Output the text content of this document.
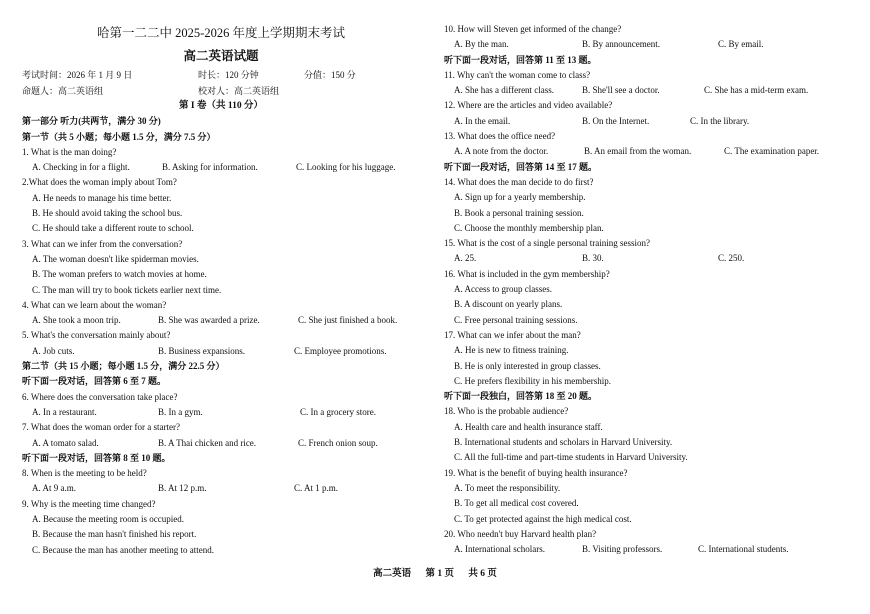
哈第一二二中 2025-2026 年度上学期期末考试
高二英语试题
考试时间：2026 年 1 月 9 日	时长：120 分钟	分值：150 分
命题人：高二英语组	校对人：高二英语组
第 I 卷（共 110 分）
第一部分 听力(共两节，满分 30 分)
第一节（共 5 小题；每小题 1.5 分，满分 7.5 分）
1. What is the man doing?
A. Checking in for a flight.	B. Asking for information.	C. Looking for his luggage.
2.What does the woman imply about Tom?
A. He needs to manage his time better.
B. He should avoid taking the school bus.
C. He should take a different route to school.
3. What can we infer from the conversation?
A. The woman doesn't like spiderman movies.
B. The woman prefers to watch movies at home.
C. The man will try to book tickets earlier next time.
4. What can we learn about the woman?
A. She took a moon trip.	B. She was awarded a prize.	C. She just finished a book.
5. What's the conversation mainly about?
A. Job cuts.	B. Business expansions.	C. Employee promotions.
第二节（共 15 小题；每小题 1.5 分，满分 22.5 分）
听下面一段对话，回答第 6 至 7 题。
6. Where does the conversation take place?
A. In a restaurant.	B. In a gym.	C. In a grocery store.
7. What does the woman order for a starter?
A. A tomato salad.	B. A Thai chicken and rice.	C. French onion soup.
听下面一段对话，回答第 8 至 10 题。
8. When is the meeting to be held?
A. At 9 a.m.	B. At 12 p.m.	C. At 1 p.m.
9. Why is the meeting time changed?
A. Because the meeting room is occupied.
B. Because the man hasn't finished his report.
C. Because the man has another meeting to attend.
10. How will Steven get informed of the change?
A. By the man.	B. By announcement.	C. By email.
听下面一段对话，回答第 11 至 13 题。
11. Why can't the woman come to class?
A. She has a different class.	B. She'll see a doctor.	C. She has a mid-term exam.
12. Where are the articles and video available?
A. In the email.	B. On the Internet.	C. In the library.
13. What does the office need?
A. A note from the doctor.	B. An email from the woman.	C. The examination paper.
听下面一段对话，回答第 14 至 17 题。
14. What does the man decide to do first?
A. Sign up for a yearly membership.
B. Book a personal training session.
C. Choose the monthly membership plan.
15. What is the cost of a single personal training session?
A. 25.	B. 30.	C. 250.
16. What is included in the gym membership?
A. Access to group classes.
B. A discount on yearly plans.
C. Free personal training sessions.
17. What can we infer about the man?
A. He is new to fitness training.
B. He is only interested in group classes.
C. He prefers flexibility in his membership.
听下面一段独白，回答第 18 至 20 题。
18. Who is the probable audience?
A. Health care and health insurance staff.
B. International students and scholars in Harvard University.
C. All the full-time and part-time students in Harvard University.
19. What is the benefit of buying health insurance?
A. To meet the responsibility.
B. To get all medical cost covered.
C. To get protected against the high medical cost.
20. Who needn't buy Harvard health plan?
A. International scholars.	B. Visiting professors.	C. International students.
高二英语 第 1 页 共 6 页
